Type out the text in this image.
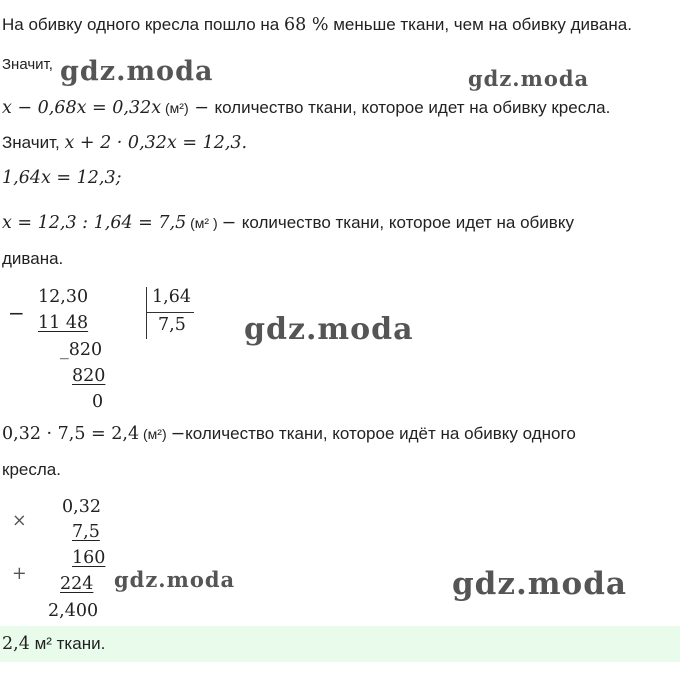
На обивку одного кресла пошло на 68 % меньше ткани, чем на обивку дивана.
Значит,
x − 0,68x = 0,32x (м²) − количество ткани, которое идет на обивку кресла.
Значит, x + 2 · 0,32x = 12,3.
1,64x = 12,3;
x = 12,3 : 1,64 = 7,5 (м² ) − количество ткани, которое идет на обивку
дивана.
−
12,30
11 48
_820
820
0
1,64
7,5
0,32 · 7,5 = 2,4 (м²) −количество ткани, которое идёт на обивку одного
кресла.
×
0,32
7,5
160
+ 224
2,400
2,4 м² ткани.
gdz.moda	gdz.moda
gdz.moda
gdz.moda	gdz.moda
